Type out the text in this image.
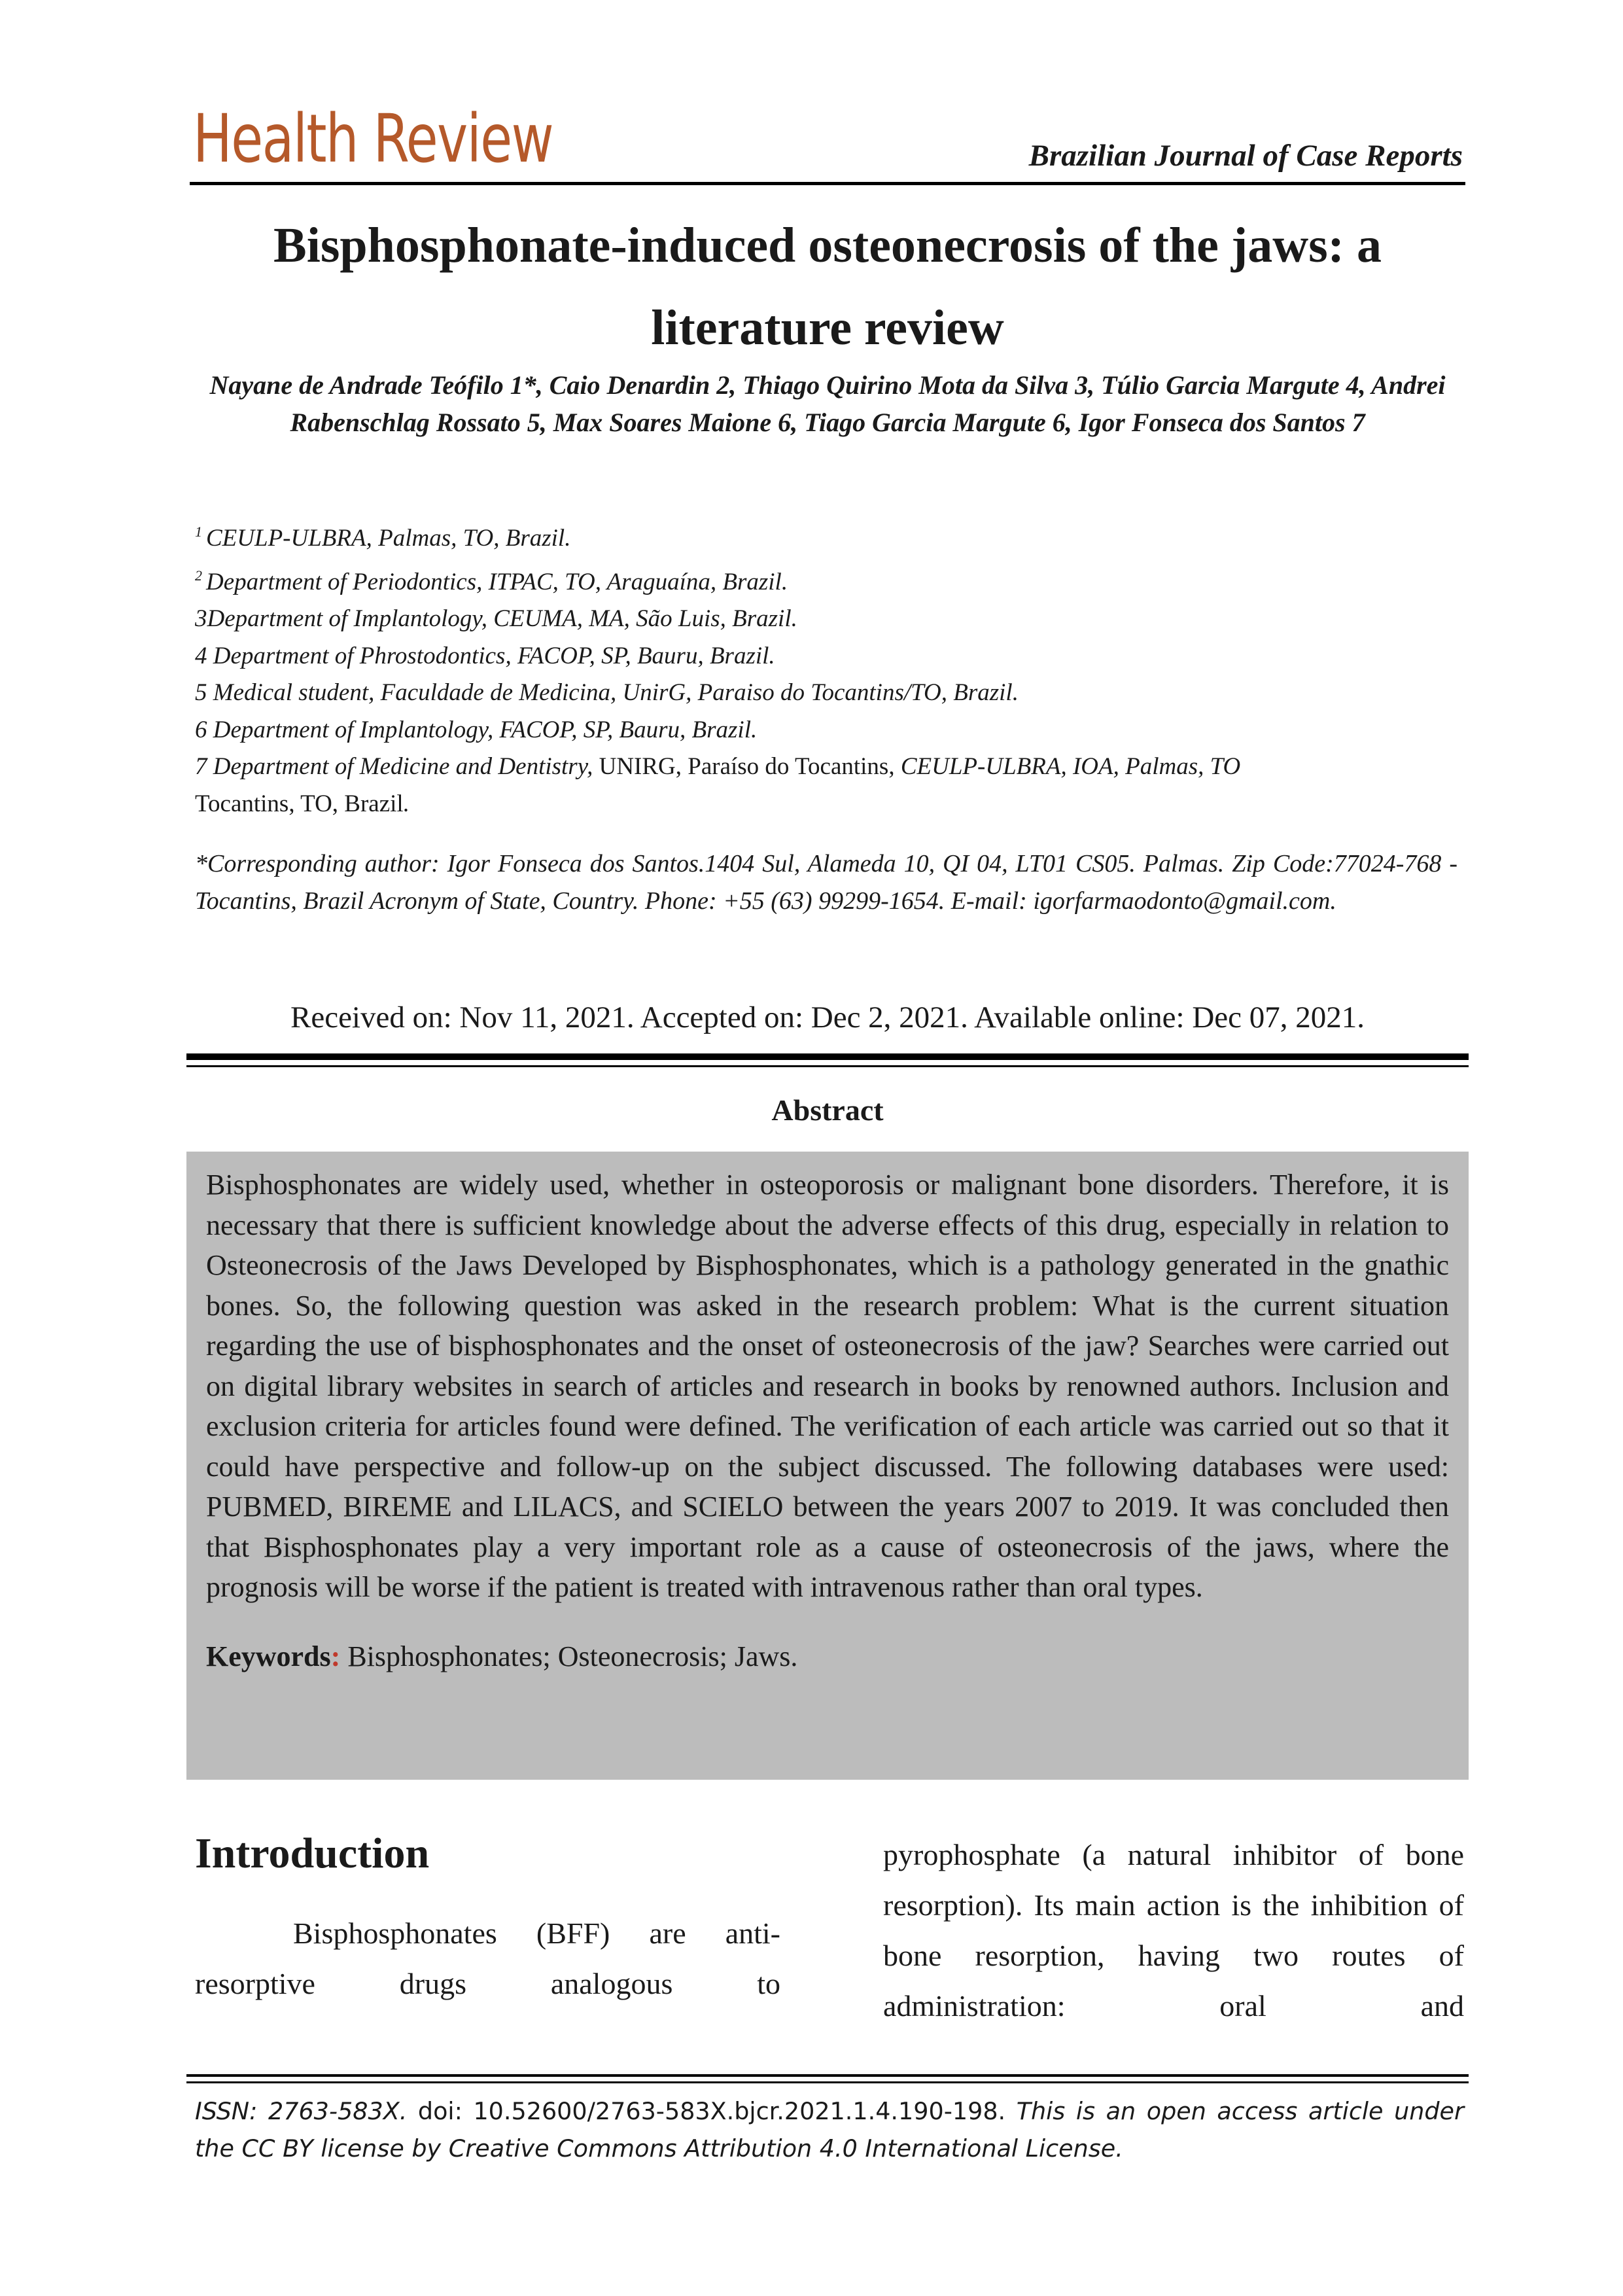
Health Review	Brazilian Journal of Case Reports
Bisphosphonate-induced osteonecrosis of the jaws: a literature review
Nayane de Andrade Teófilo 1*, Caio Denardin 2, Thiago Quirino Mota da Silva 3, Túlio Garcia Margute 4, Andrei Rabenschlag Rossato 5, Max Soares Maione 6, Tiago Garcia Margute 6, Igor Fonseca dos Santos 7
$^1$ CEULP-ULBRA, Palmas, TO, Brazil.
$^2$ Department of Periodontics, ITPAC, TO, Araguaína, Brazil.
3Department of Implantology, CEUMA, MA, São Luis, Brazil.
4 Department of Phrostodontics, FACOP, SP, Bauru, Brazil.
5 Medical student, Faculdade de Medicina, UnirG, Paraiso do Tocantins/TO, Brazil.
6 Department of Implantology, FACOP, SP, Bauru, Brazil.
7 Department of Medicine and Dentistry, UNIRG, Paraíso do Tocantins, CEULP-ULBRA, IOA, Palmas, TO
Tocantins, TO, Brazil.
*Corresponding author: Igor Fonseca dos Santos.1404 Sul, Alameda 10, QI 04, LT01 CS05. Palmas. Zip Code:77024-768 - Tocantins, Brazil Acronym of State, Country. Phone: +55 (63) 99299-1654. E-mail: igorfarmaodonto@gmail.com.
Received on: Nov 11, 2021. Accepted on: Dec 2, 2021. Available online: Dec 07, 2021.
Abstract
Bisphosphonates are widely used, whether in osteoporosis or malignant bone disorders. Therefore, it is necessary that there is sufficient knowledge about the adverse effects of this drug, especially in relation to Osteonecrosis of the Jaws Developed by Bisphosphonates, which is a pathology generated in the gnathic bones. So, the following question was asked in the research problem: What is the current situation regarding the use of bisphosphonates and the onset of osteonecrosis of the jaw? Searches were carried out on digital library websites in search of articles and research in books by renowned authors. Inclusion and exclusion criteria for articles found were defined. The verification of each article was carried out so that it could have perspective and follow-up on the subject discussed. The following databases were used: PUBMED, BIREME and LILACS, and SCIELO between the years 2007 to 2019. It was concluded then that Bisphosphonates play a very important role as a cause of osteonecrosis of the jaws, where the prognosis will be worse if the patient is treated with intravenous rather than oral types.
Keywords: Bisphosphonates; Osteonecrosis; Jaws.
Introduction
Bisphosphonates (BFF) are anti-resorptive drugs analogous to
pyrophosphate (a natural inhibitor of bone resorption). Its main action is the inhibition of bone resorption, having two routes of administration: oral and
ISSN: 2763-583X. doi: 10.52600/2763-583X.bjcr.2021.1.4.190-198. This is an open access article under the CC BY license by Creative Commons Attribution 4.0 International License.
